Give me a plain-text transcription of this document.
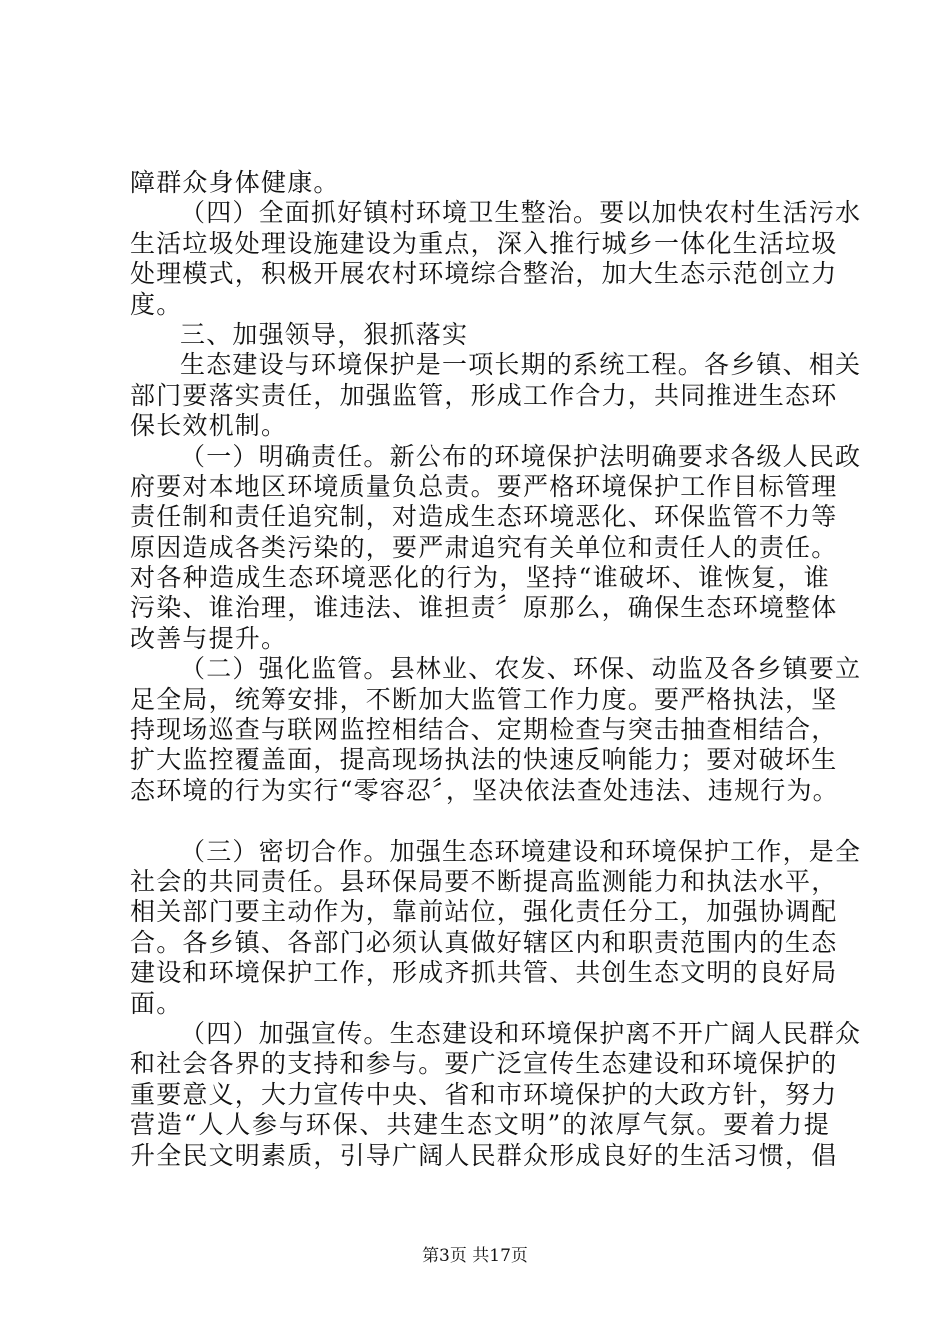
障群众身体健康。
（四）全面抓好镇村环境卫生整治。要以加快农村生活污水
生活垃圾处理设施建设为重点，深入推行城乡一体化生活垃圾
处理模式，积极开展农村环境综合整治，加大生态示范创立力
度。
三、加强领导，狠抓落实
生态建设与环境保护是一项长期的系统工程。各乡镇、相关
部门要落实责任，加强监管，形成工作合力，共同推进生态环
保长效机制。
（一）明确责任。新公布的环境保护法明确要求各级人民政
府要对本地区环境质量负总责。要严格环境保护工作目标管理
责任制和责任追究制，对造成生态环境恶化、环保监管不力等
原因造成各类污染的，要严肃追究有关单位和责任人的责任。
对各种造成生态环境恶化的行为，坚持“谁破坏、谁恢复，谁
污染、谁治理，谁违法、谁担责〞原那么，确保生态环境整体
改善与提升。
（二）强化监管。县林业、农发、环保、动监及各乡镇要立
足全局，统筹安排，不断加大监管工作力度。要严格执法，坚
持现场巡查与联网监控相结合、定期检查与突击抽查相结合，
扩大监控覆盖面，提高现场执法的快速反响能力；要对破坏生
态环境的行为实行“零容忍〞，坚决依法查处违法、违规行为。
（三）密切合作。加强生态环境建设和环境保护工作，是全
社会的共同责任。县环保局要不断提高监测能力和执法水平，
相关部门要主动作为，靠前站位，强化责任分工，加强协调配
合。各乡镇、各部门必须认真做好辖区内和职责范围内的生态
建设和环境保护工作，形成齐抓共管、共创生态文明的良好局
面。
（四）加强宣传。生态建设和环境保护离不开广阔人民群众
和社会各界的支持和参与。要广泛宣传生态建设和环境保护的
重要意义，大力宣传中央、省和市环境保护的大政方针，努力
营造“人人参与环保、共建生态文明”的浓厚气氛。要着力提
升全民文明素质，引导广阔人民群众形成良好的生活习惯，倡
第3页 共17页
